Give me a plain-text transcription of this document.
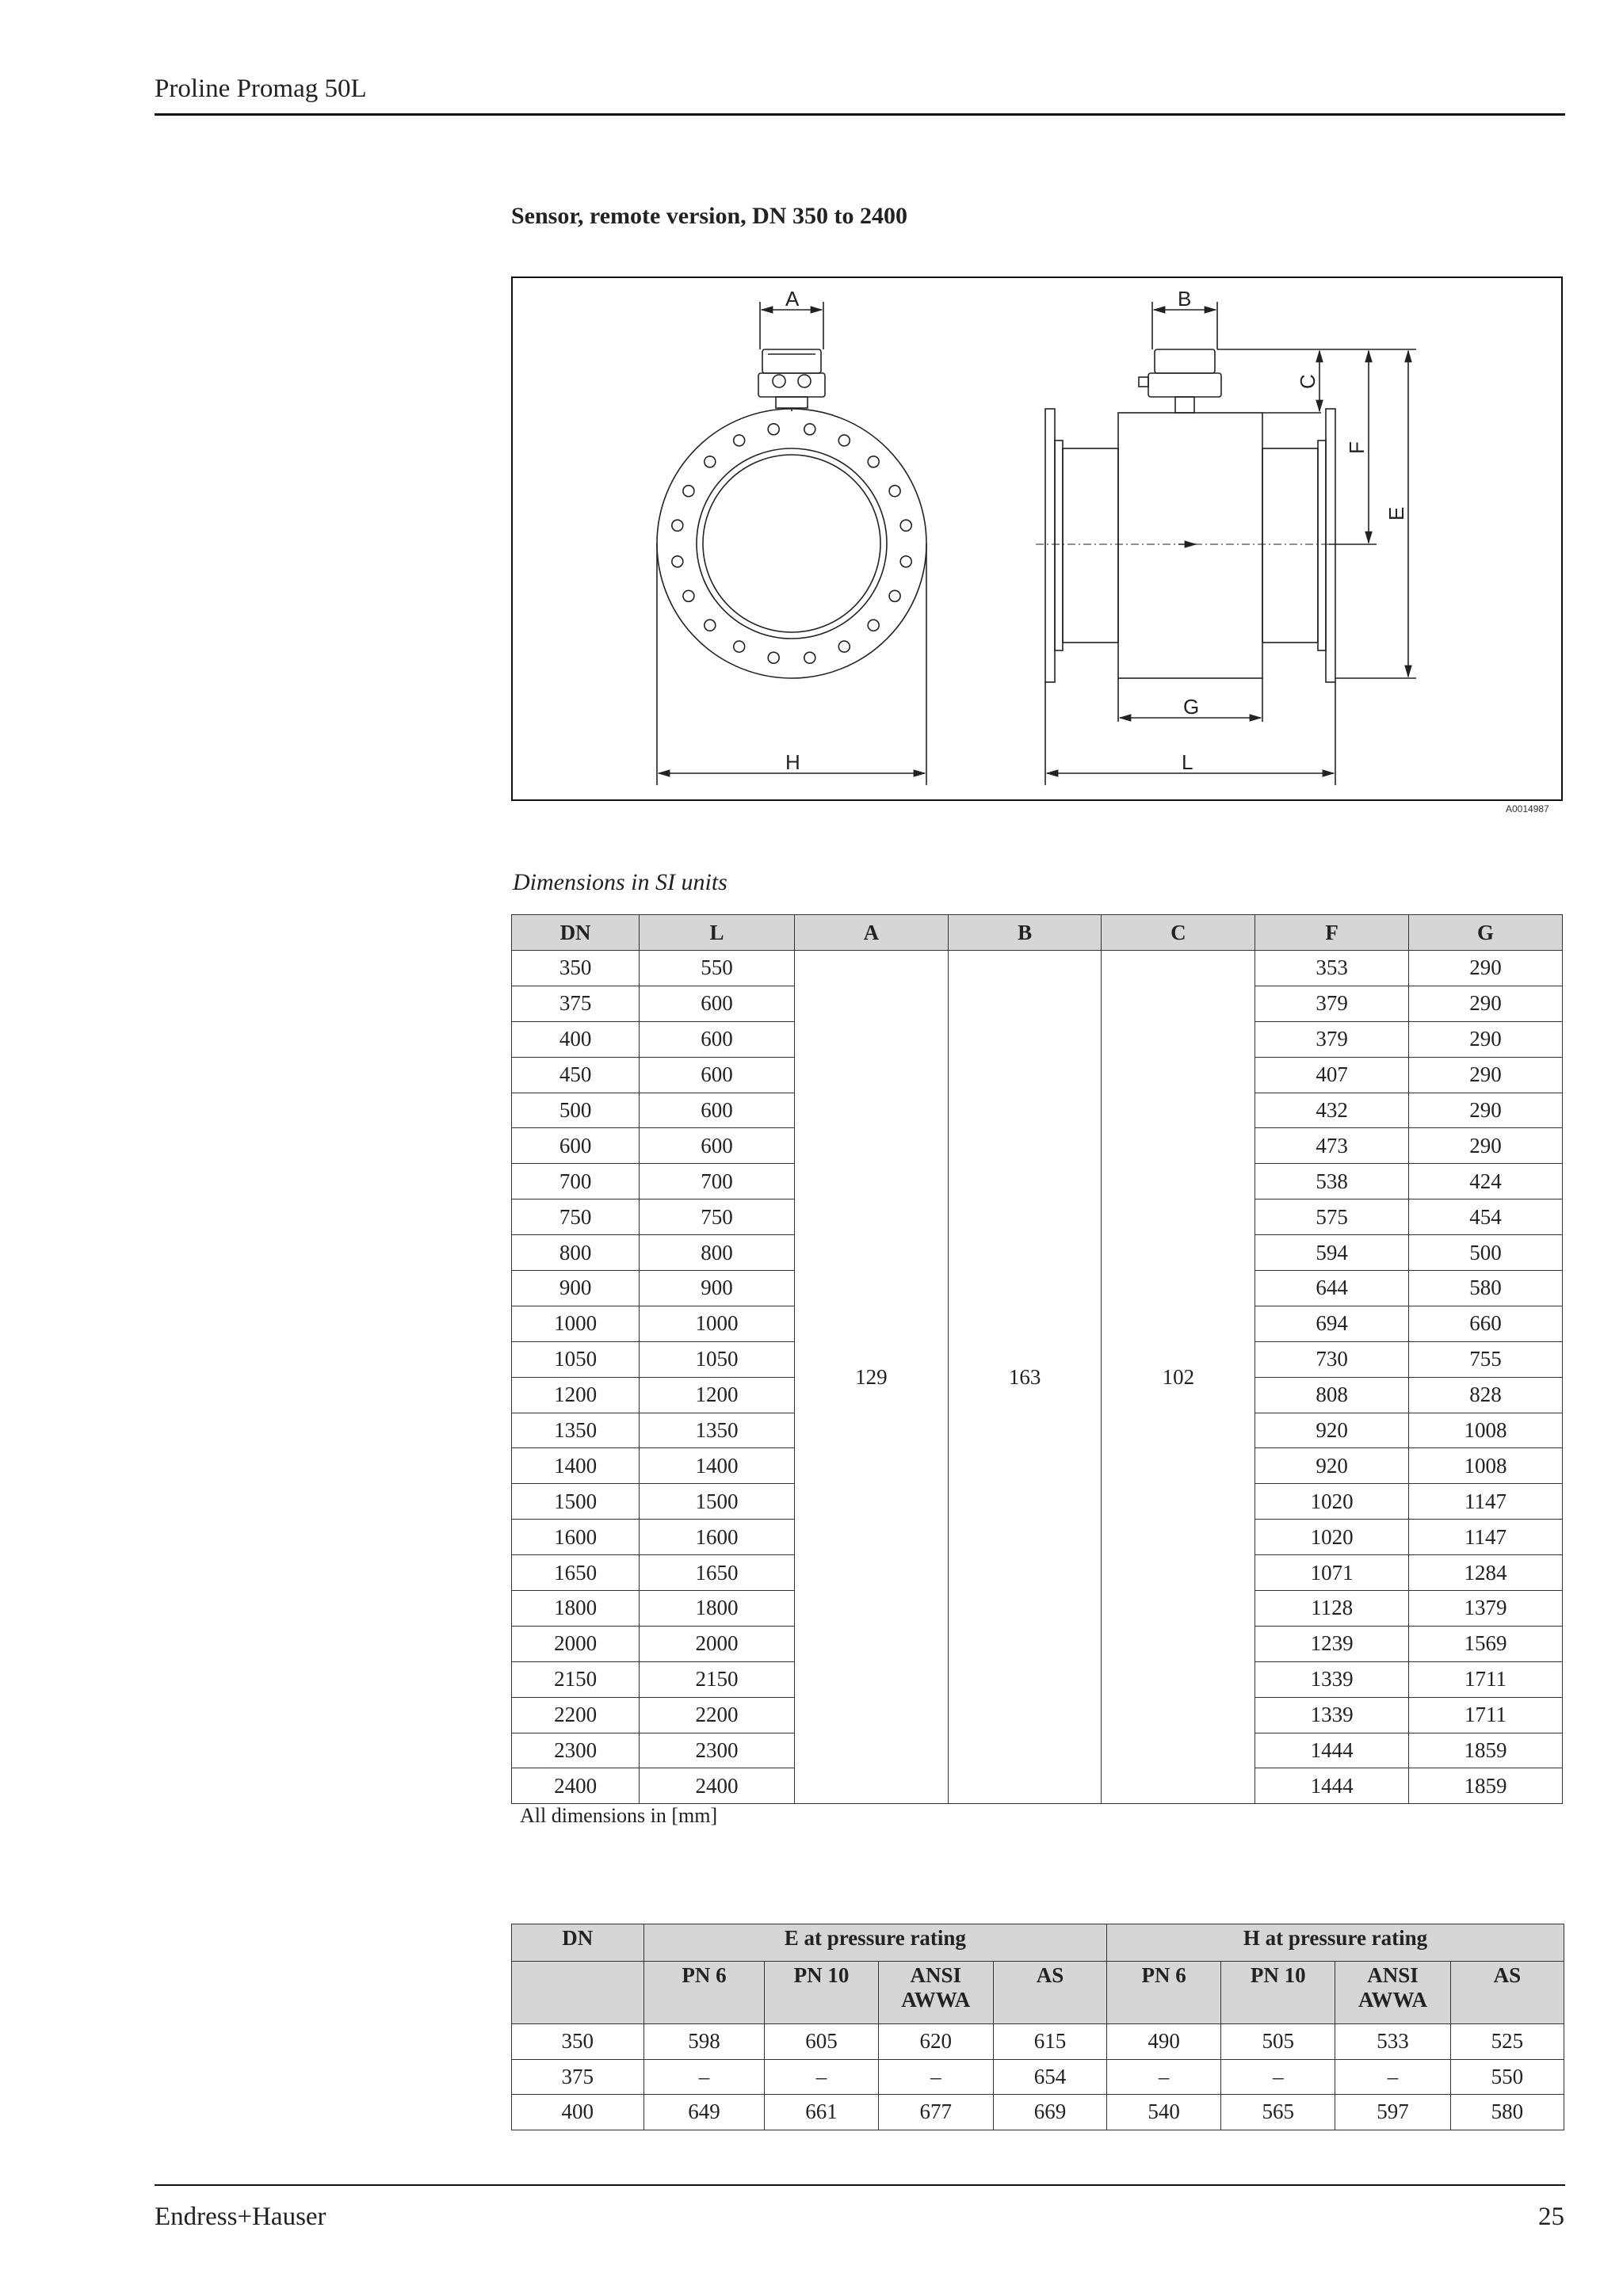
Proline Promag 50L
Sensor, remote version, DN 350 to 2400
A	B
C
F
E
G
H	L
A0014987
Dimensions in SI units
DN	L	A	B	C	F	G
350	550	129	163	102	353	290
375	600				379	290
400	600				379	290
450	600				407	290
500	600				432	290
600	600				473	290
700	700				538	424
750	750				575	454
800	800				594	500
900	900				644	580
1000	1000				694	660
1050	1050				730	755
1200	1200				808	828
1350	1350				920	1008
1400	1400				920	1008
1500	1500				1020	1147
1600	1600				1020	1147
1650	1650				1071	1284
1800	1800				1128	1379
2000	2000				1239	1569
2150	2150				1339	1711
2200	2200				1339	1711
2300	2300				1444	1859
2400	2400				1444	1859
All dimensions in [mm]
DN	E at pressure rating				H at pressure rating			
	PN 6	PN 10	ANSI AWWA	AS	PN 6	PN 10	ANSI AWWA	AS
350	598	605	620	615	490	505	533	525
375	–	–	–	654	–	–	–	550
400	649	661	677	669	540	565	597	580
Endress+Hauser	25
